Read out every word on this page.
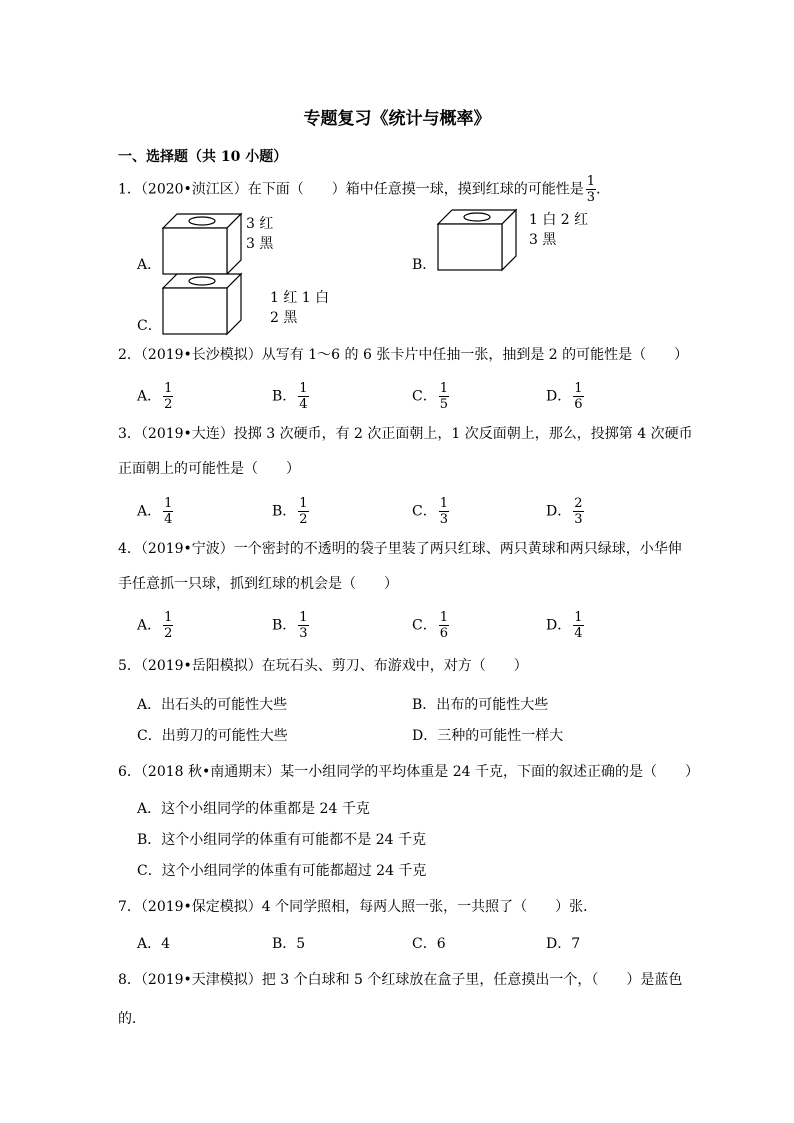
专题复习《统计与概率》
一、选择题（共 10 小题）
1．（2020•浈江区）在下面（　　）箱中任意摸一球，摸到红球的可能性是 $\frac{1}{3}$ ．
A．
3 红
3 黑
B．
1 白 2 红
3 黑
C．
1 红 1 白
2 黑
2．（2019•长沙模拟）从写有 1～6 的 6 张卡片中任抽一张，抽到是 2 的可能性是（　　）
A． $\frac{1}{2}$	B． $\frac{1}{4}$	C． $\frac{1}{5}$	D． $\frac{1}{6}$
3．（2019•大连）投掷 3 次硬币，有 2 次正面朝上，1 次反面朝上，那么，投掷第 4 次硬币
正面朝上的可能性是（　　）
A． $\frac{1}{4}$	B． $\frac{1}{2}$	C． $\frac{1}{3}$	D． $\frac{2}{3}$
4．（2019•宁波）一个密封的不透明的袋子里装了两只红球、两只黄球和两只绿球，小华伸
手任意抓一只球，抓到红球的机会是（　　）
A． $\frac{1}{2}$	B． $\frac{1}{3}$	C． $\frac{1}{6}$	D． $\frac{1}{4}$
5．（2019•岳阳模拟）在玩石头、剪刀、布游戏中，对方（　　）
A．出石头的可能性大些	B．出布的可能性大些
C．出剪刀的可能性大些	D．三种的可能性一样大
6．（2018 秋•南通期末）某一小组同学的平均体重是 24 千克，下面的叙述正确的是（　　）
A．这个小组同学的体重都是 24 千克
B．这个小组同学的体重有可能都不是 24 千克
C．这个小组同学的体重有可能都超过 24 千克
7．（2019•保定模拟）4 个同学照相，每两人照一张，一共照了（　　）张．
A．4	B．5	C．6	D．7
8．（2019•天津模拟）把 3 个白球和 5 个红球放在盒子里，任意摸出一个，（　　）是蓝色
的．
